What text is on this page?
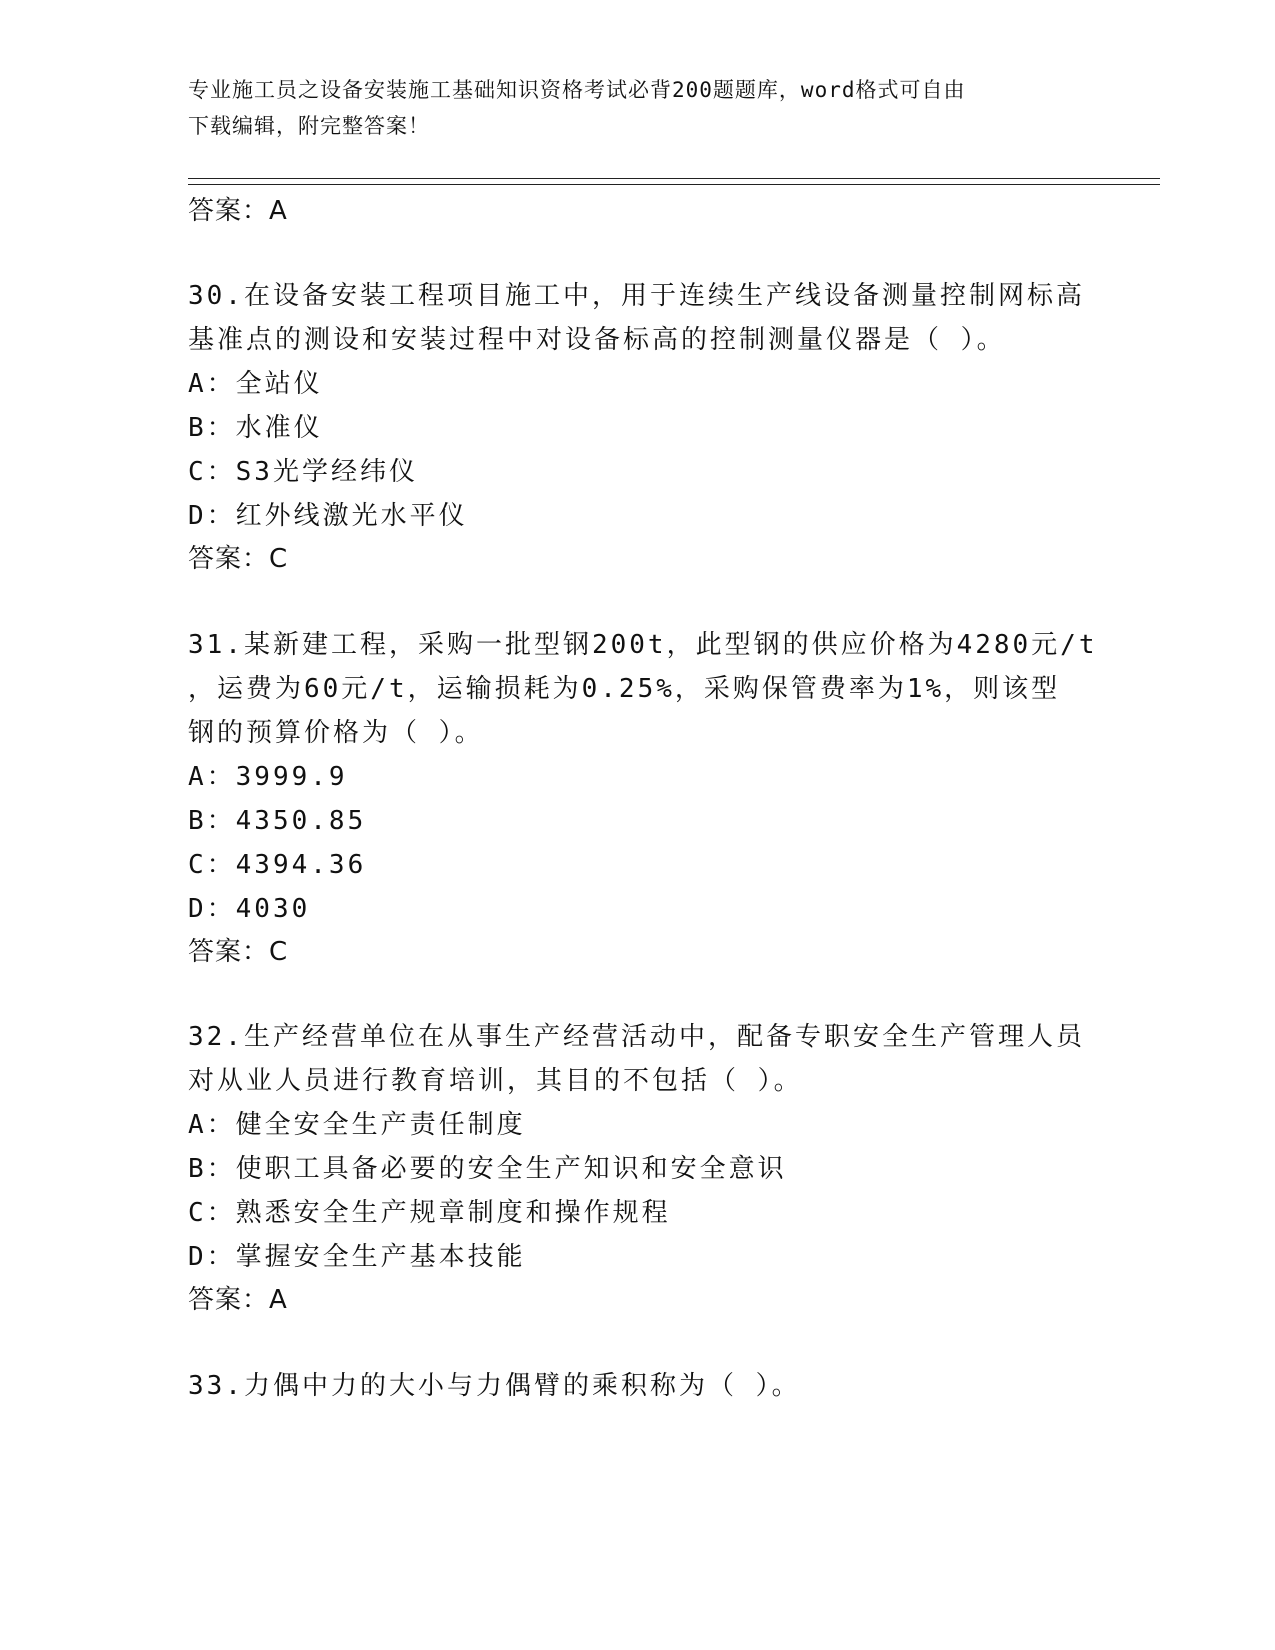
专业施工员之设备安装施工基础知识资格考试必背200题题库，word格式可自由
下载编辑，附完整答案！
答案：A
30.在设备安装工程项目施工中，用于连续生产线设备测量控制网标高
基准点的测设和安装过程中对设备标高的控制测量仪器是（ ）。
A：全站仪
B：水准仪
C：S3光学经纬仪
D：红外线激光水平仪
答案：C
31.某新建工程，采购一批型钢200t，此型钢的供应价格为4280元/t
，运费为60元/t，运输损耗为0.25%，采购保管费率为1%，则该型
钢的预算价格为（ ）。
A：3999.9
B：4350.85
C：4394.36
D：4030
答案：C
32.生产经营单位在从事生产经营活动中，配备专职安全生产管理人员
对从业人员进行教育培训，其目的不包括（ ）。
A：健全安全生产责任制度
B：使职工具备必要的安全生产知识和安全意识
C：熟悉安全生产规章制度和操作规程
D：掌握安全生产基本技能
答案：A
33.力偶中力的大小与力偶臂的乘积称为（ ）。
